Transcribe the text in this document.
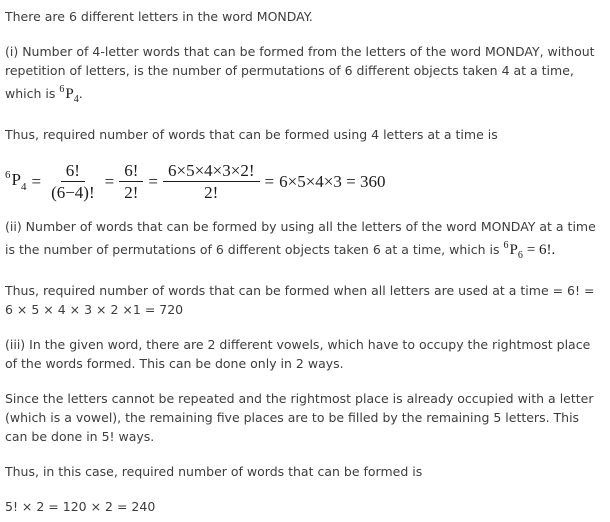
There are 6 different letters in the word MONDAY.

(i) Number of 4-letter words that can be formed from the letters of the word MONDAY, without repetition of letters, is the number of permutations of 6 different objects taken 4 at a time, which is $^6P_4$.

Thus, required number of words that can be formed using 4 letters at a time is

$^6P_4 = \frac{6!}{(6-4)!} = \frac{6!}{2!} = \frac{6\times 5\times 4\times 3\times 2!}{2!} = 6\times 5\times 4\times 3 = 360$

(ii) Number of words that can be formed by using all the letters of the word MONDAY at a time is the number of permutations of 6 different objects taken 6 at a time, which is $^6P_6 = 6$!.

Thus, required number of words that can be formed when all letters are used at a time = 6! = 6 × 5 × 4 × 3 × 2 ×1 = 720

(iii) In the given word, there are 2 different vowels, which have to occupy the rightmost place of the words formed. This can be done only in 2 ways.

Since the letters cannot be repeated and the rightmost place is already occupied with a letter (which is a vowel), the remaining five places are to be filled by the remaining 5 letters. This can be done in 5! ways.

Thus, in this case, required number of words that can be formed is

5! × 2 = 120 × 2 = 240
